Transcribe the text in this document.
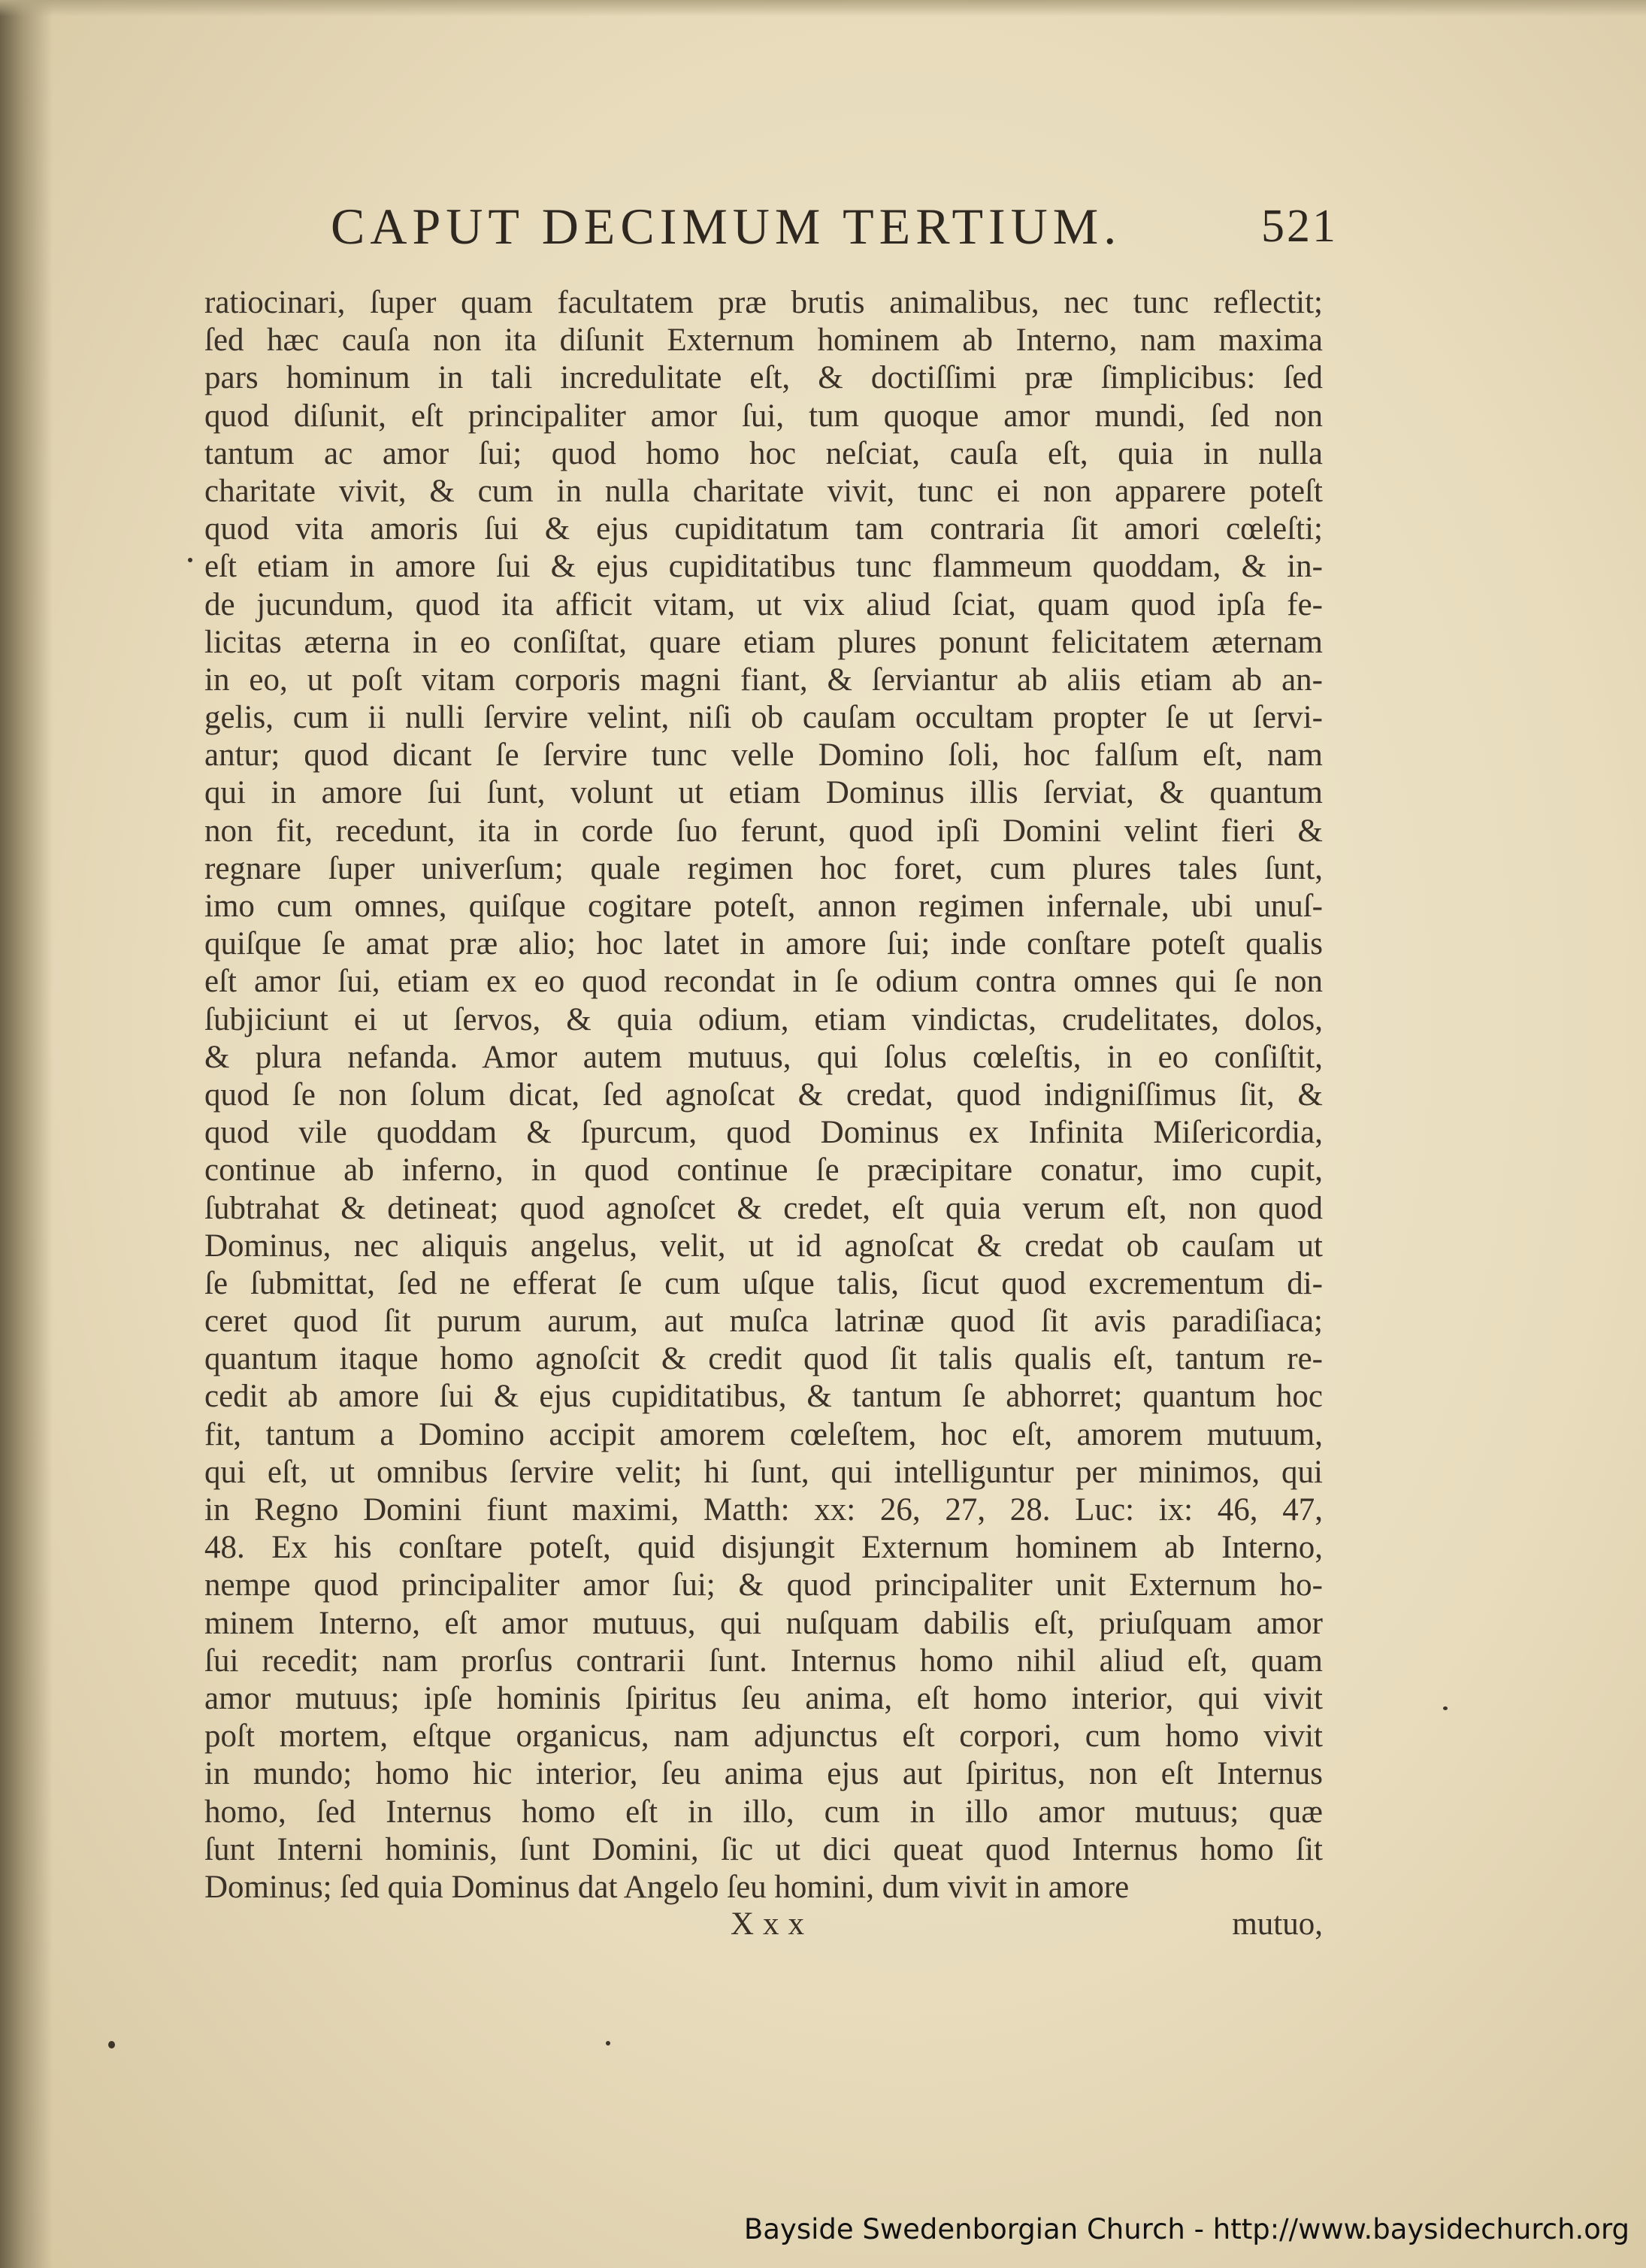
CAPUT DECIMUM TERTIUM.	521
ratiocinari, ſuper quam facultatem præ brutis animalibus, nec tunc reflectit;
ſed hæc cauſa non ita diſunit Externum hominem ab Interno, nam maxima
pars hominum in tali incredulitate eſt, & doctiſſimi præ ſimplicibus: ſed
quod diſunit, eſt principaliter amor ſui, tum quoque amor mundi, ſed non
tantum ac amor ſui; quod homo hoc neſciat, cauſa eſt, quia in nulla
charitate vivit, & cum in nulla charitate vivit, tunc ei non apparere poteſt
quod vita amoris ſui & ejus cupiditatum tam contraria ſit amori cœleſti;
eſt etiam in amore ſui & ejus cupiditatibus tunc flammeum quoddam, & in-
de jucundum, quod ita afficit vitam, ut vix aliud ſciat, quam quod ipſa fe-
licitas æterna in eo conſiſtat, quare etiam plures ponunt felicitatem æternam
in eo, ut poſt vitam corporis magni fiant, & ſerviantur ab aliis etiam ab an-
gelis, cum ii nulli ſervire velint, niſi ob cauſam occultam propter ſe ut ſervi-
antur; quod dicant ſe ſervire tunc velle Domino ſoli, hoc falſum eſt, nam
qui in amore ſui ſunt, volunt ut etiam Dominus illis ſerviat, & quantum
non fit, recedunt, ita in corde ſuo ferunt, quod ipſi Domini velint fieri &
regnare ſuper univerſum; quale regimen hoc foret, cum plures tales ſunt,
imo cum omnes, quiſque cogitare poteſt, annon regimen infernale, ubi unuſ-
quiſque ſe amat præ alio; hoc latet in amore ſui; inde conſtare poteſt qualis
eſt amor ſui, etiam ex eo quod recondat in ſe odium contra omnes qui ſe non
ſubjiciunt ei ut ſervos, & quia odium, etiam vindictas, crudelitates, dolos,
& plura nefanda. Amor autem mutuus, qui ſolus cœleſtis, in eo conſiſtit,
quod ſe non ſolum dicat, ſed agnoſcat & credat, quod indigniſſimus ſit, &
quod vile quoddam & ſpurcum, quod Dominus ex Infinita Miſericordia,
continue ab inferno, in quod continue ſe præcipitare conatur, imo cupit,
ſubtrahat & detineat; quod agnoſcet & credet, eſt quia verum eſt, non quod
Dominus, nec aliquis angelus, velit, ut id agnoſcat & credat ob cauſam ut
ſe ſubmittat, ſed ne efferat ſe cum uſque talis, ſicut quod excrementum di-
ceret quod ſit purum aurum, aut muſca latrinæ quod ſit avis paradiſiaca;
quantum itaque homo agnoſcit & credit quod ſit talis qualis eſt, tantum re-
cedit ab amore ſui & ejus cupiditatibus, & tantum ſe abhorret; quantum hoc
fit, tantum a Domino accipit amorem cœleſtem, hoc eſt, amorem mutuum,
qui eſt, ut omnibus ſervire velit; hi ſunt, qui intelliguntur per minimos, qui
in Regno Domini fiunt maximi, Matth: xx: 26, 27, 28. Luc: ix: 46, 47,
48. Ex his conſtare poteſt, quid disjungit Externum hominem ab Interno,
nempe quod principaliter amor ſui; & quod principaliter unit Externum ho-
minem Interno, eſt amor mutuus, qui nuſquam dabilis eſt, priuſquam amor
ſui recedit; nam prorſus contrarii ſunt. Internus homo nihil aliud eſt, quam
amor mutuus; ipſe hominis ſpiritus ſeu anima, eſt homo interior, qui vivit
poſt mortem, eſtque organicus, nam adjunctus eſt corpori, cum homo vivit
in mundo; homo hic interior, ſeu anima ejus aut ſpiritus, non eſt Internus
homo, ſed Internus homo eſt in illo, cum in illo amor mutuus; quæ
ſunt Interni hominis, ſunt Domini, ſic ut dici queat quod Internus homo ſit
Dominus; ſed quia Dominus dat Angelo ſeu homini, dum vivit in amore
Xxx	mutuo,
Bayside Swedenborgian Church - http://www.baysidechurch.org
